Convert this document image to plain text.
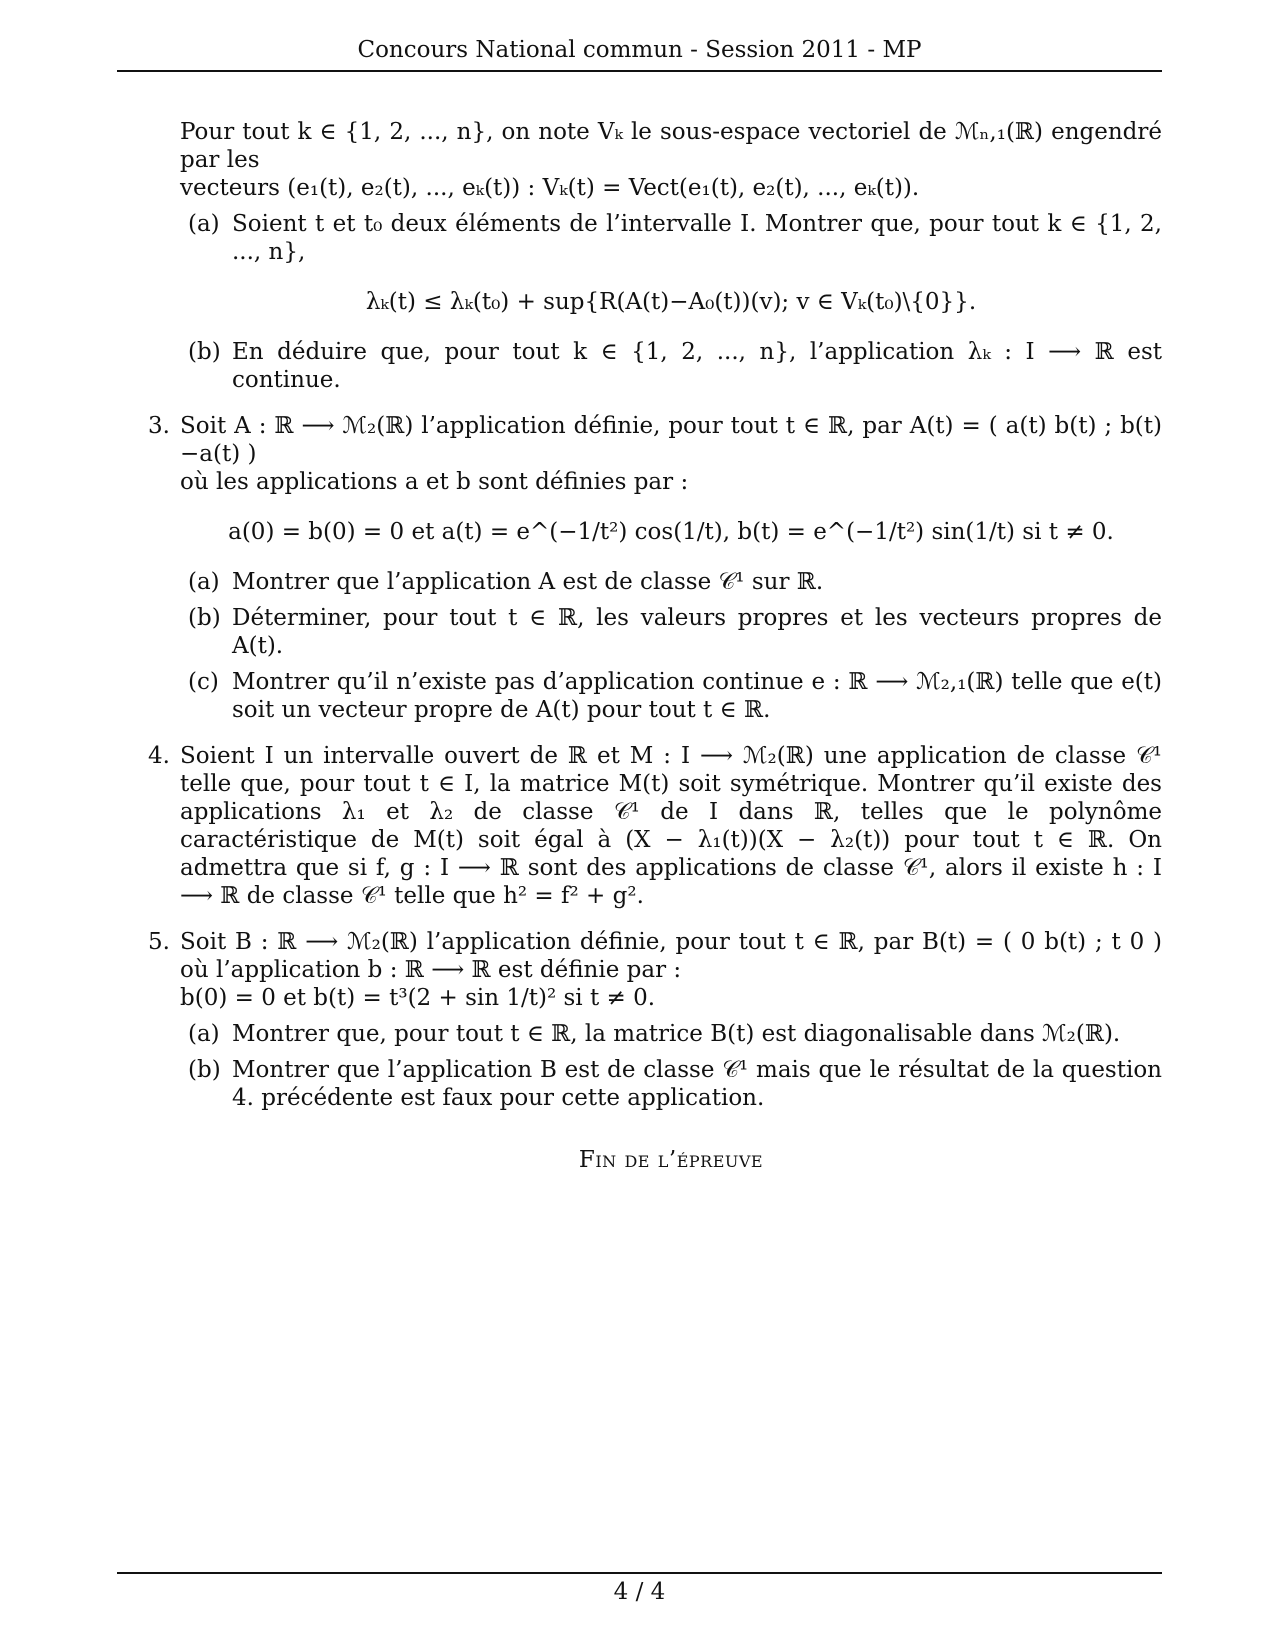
Concours National commun - Session 2011 - MP

Pour tout k ∈ {1, 2, ..., n}, on note Vₖ le sous-espace vectoriel de ℳₙ,₁(ℝ) engendré par les

vecteurs (e₁(t), e₂(t), ..., eₖ(t)) : Vₖ(t) = Vect(e₁(t), e₂(t), ..., eₖ(t)).

(a) Soient t et t₀ deux éléments de l’intervalle I. Montrer que, pour tout k ∈ {1, 2, ..., n},
λₖ(t) ≤ λₖ(t₀) + sup{R(A(t)−A₀(t))(v); v ∈ Vₖ(t₀)\{0}}.
(b) En déduire que, pour tout k ∈ {1, 2, ..., n}, l’application λₖ : I ⟶ ℝ est continue.
3. Soit A : ℝ ⟶ ℳ₂(ℝ) l’application définie, pour tout t ∈ ℝ, par A(t) = ( a(t) b(t) ; b(t) −a(t) )
où les applications a et b sont définies par :
a(0) = b(0) = 0 et a(t) = e^(−1/t²) cos(1/t), b(t) = e^(−1/t²) sin(1/t) si t ≠ 0.
(a) Montrer que l’application A est de classe 𝒞¹ sur ℝ.
(b) Déterminer, pour tout t ∈ ℝ, les valeurs propres et les vecteurs propres de A(t).
(c) Montrer qu’il n’existe pas d’application continue e : ℝ ⟶ ℳ₂,₁(ℝ) telle que e(t) soit un vecteur propre de A(t) pour tout t ∈ ℝ.
4. Soient I un intervalle ouvert de ℝ et M : I ⟶ ℳ₂(ℝ) une application de classe 𝒞¹ telle que, pour tout t ∈ I, la matrice M(t) soit symétrique. Montrer qu’il existe des applications λ₁ et λ₂ de classe 𝒞¹ de I dans ℝ, telles que le polynôme caractéristique de M(t) soit égal à (X − λ₁(t))(X − λ₂(t)) pour tout t ∈ ℝ. On admettra que si f, g : I ⟶ ℝ sont des applications de classe 𝒞¹, alors il existe h : I ⟶ ℝ de classe 𝒞¹ telle que h² = f² + g².
5. Soit B : ℝ ⟶ ℳ₂(ℝ) l’application définie, pour tout t ∈ ℝ, par B(t) = ( 0 b(t) ; t 0 ) où l’application b : ℝ ⟶ ℝ est définie par :
b(0) = 0 et b(t) = t³(2 + sin 1/t)² si t ≠ 0.
(a) Montrer que, pour tout t ∈ ℝ, la matrice B(t) est diagonalisable dans ℳ₂(ℝ).
(b) Montrer que l’application B est de classe 𝒞¹ mais que le résultat de la question 4. précédente est faux pour cette application.
Fin de l’épreuve
4 / 4
